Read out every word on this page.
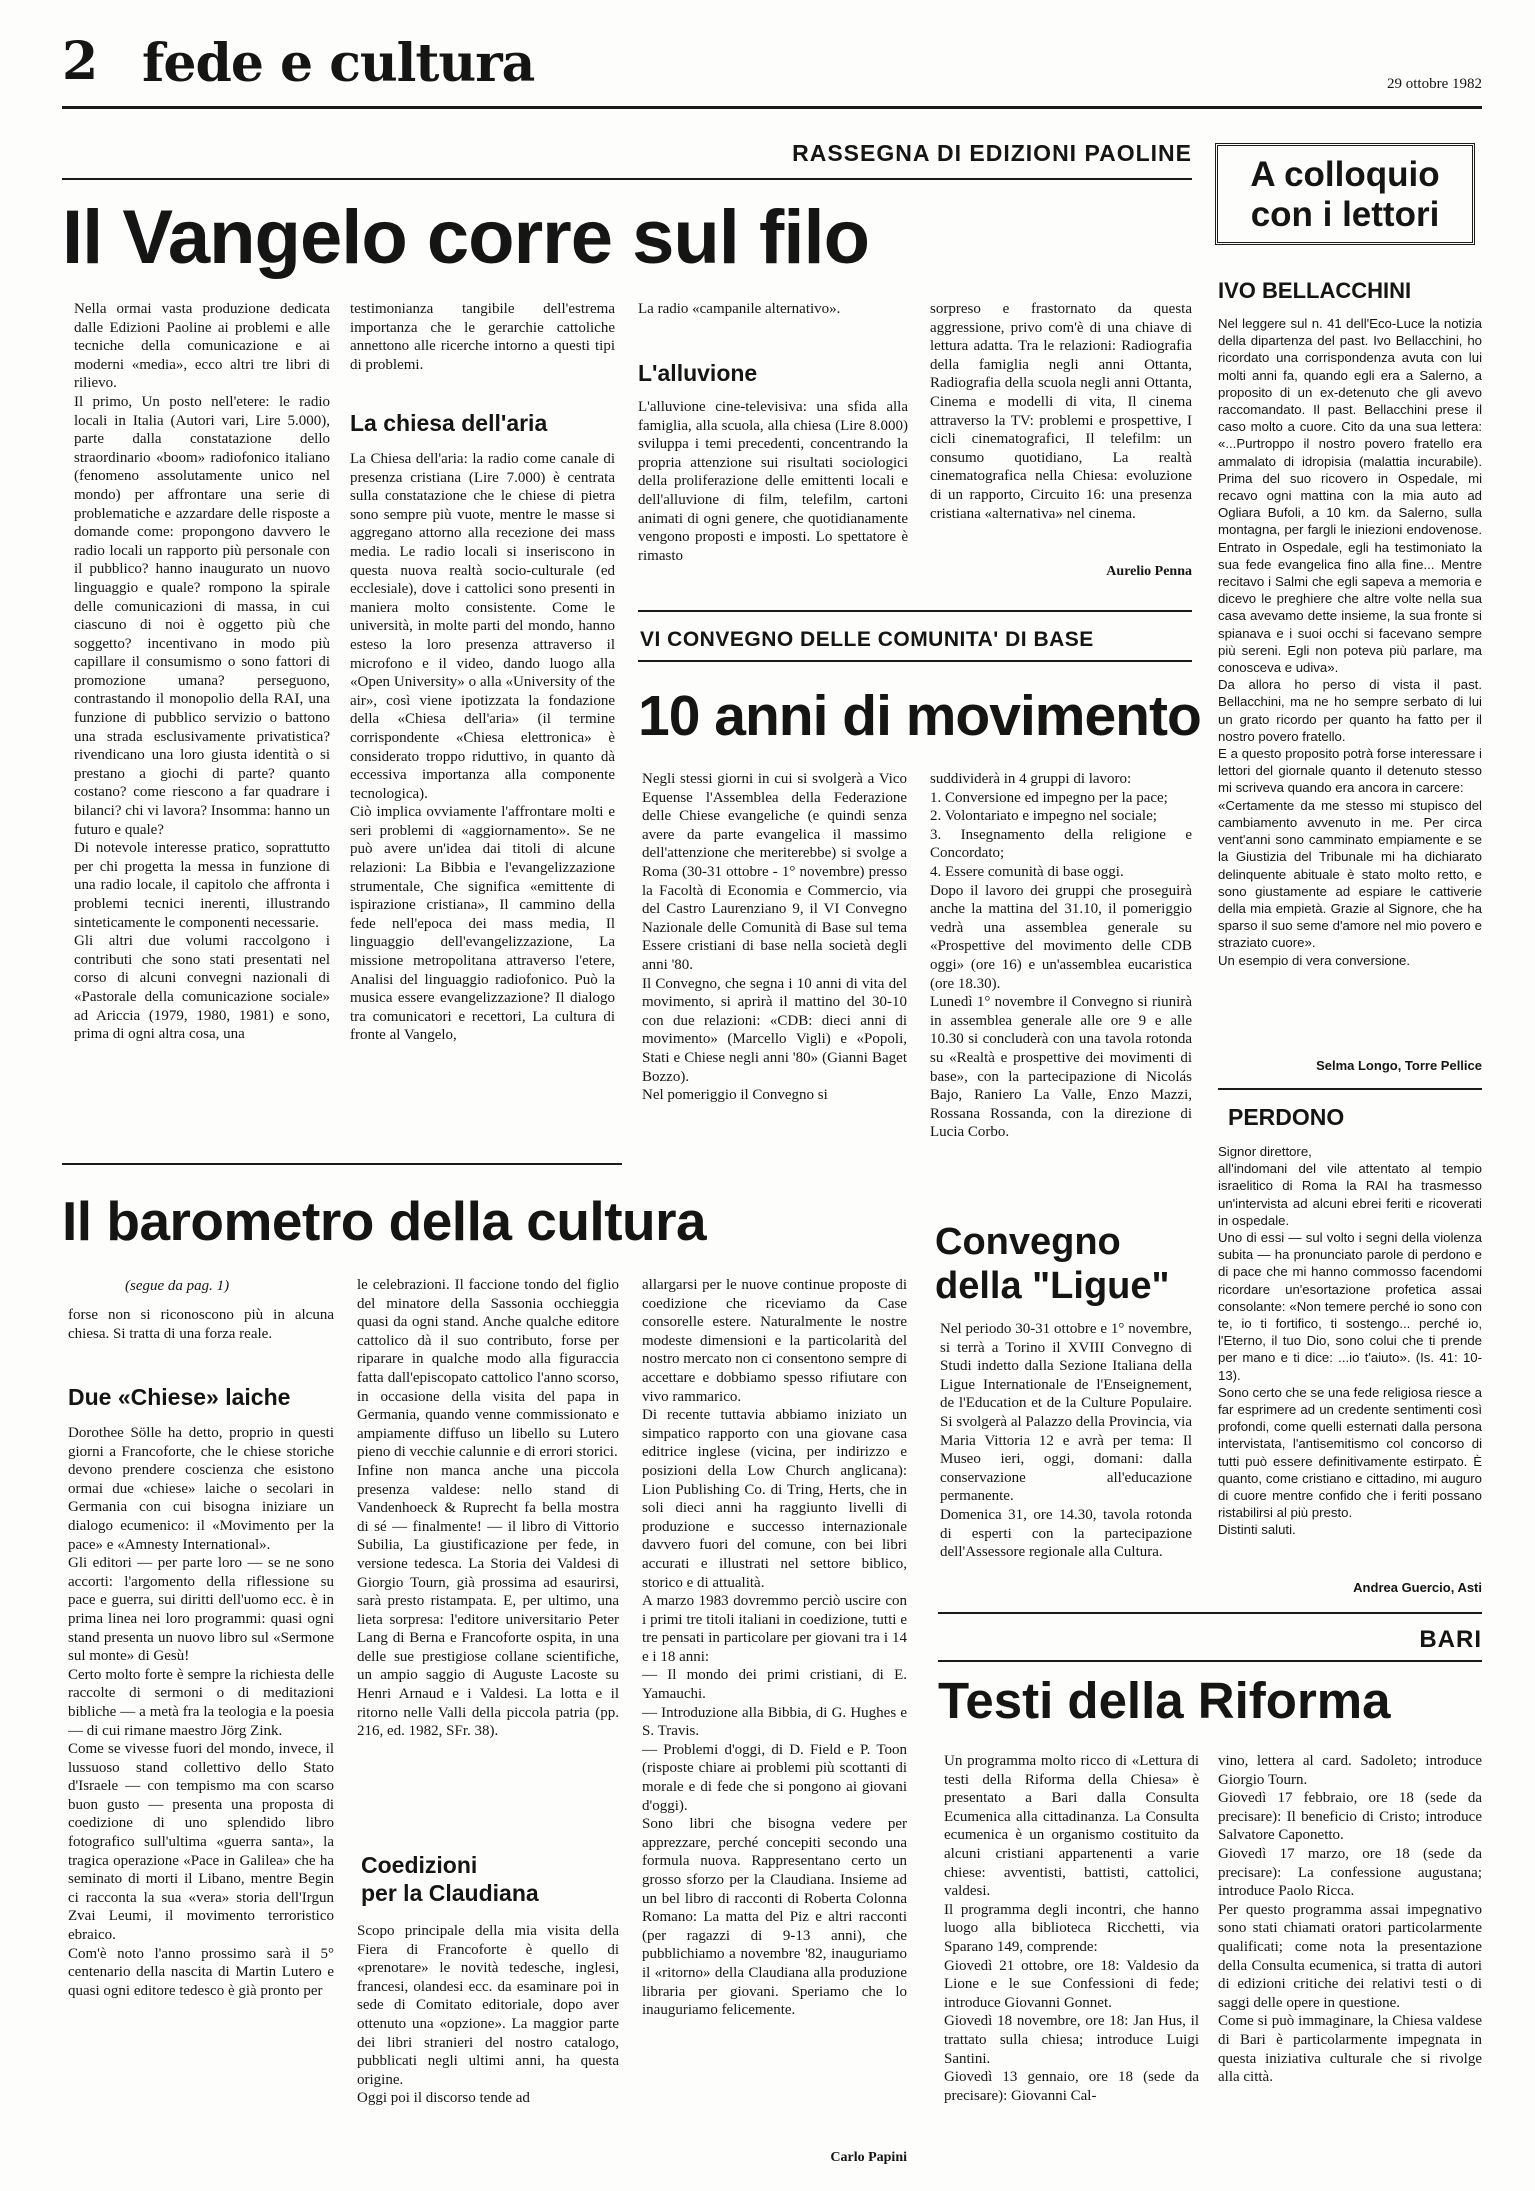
2 fede e cultura	29 ottobre 1982
RASSEGNA DI EDIZIONI PAOLINE
Il Vangelo corre sul filo

Nella ormai vasta produzione dedicata dalle Edizioni Paoline ai problemi e alle tecniche della comunicazione e ai moderni «media», ecco altri tre libri di rilievo.
Il primo, Un posto nell'etere: le radio locali in Italia (Autori vari, Lire 5.000), parte dalla constatazione dello straordinario «boom» radiofonico italiano (fenomeno assolutamente unico nel mondo) per affrontare una serie di problematiche e azzardare delle risposte a domande come: propongono davvero le radio locali un rapporto più personale con il pubblico? hanno inaugurato un nuovo linguaggio e quale? rompono la spirale delle comunicazioni di massa, in cui ciascuno di noi è oggetto più che soggetto? incentivano in modo più capillare il consumismo o sono fattori di promozione umana? perseguono, contrastando il monopolio della RAI, una funzione di pubblico servizio o battono una strada esclusivamente privatistica? rivendicano una loro giusta identità o si prestano a giochi di parte? quanto costano? come riescono a far quadrare i bilanci? chi vi lavora? Insomma: hanno un futuro e quale?
Di notevole interesse pratico, soprattutto per chi progetta la messa in funzione di una radio locale, il capitolo che affronta i problemi tecnici inerenti, illustrando sinteticamente le componenti necessarie.
Gli altri due volumi raccolgono i contributi che sono stati presentati nel corso di alcuni convegni nazionali di «Pastorale della comunicazione sociale» ad Ariccia (1979, 1980, 1981) e sono, prima di ogni altra cosa, una

testimonianza tangibile dell'estrema importanza che le gerarchie cattoliche annettono alle ricerche intorno a questi tipi di problemi.

La chiesa dell'aria

La Chiesa dell'aria: la radio come canale di presenza cristiana (Lire 7.000) è centrata sulla constatazione che le chiese di pietra sono sempre più vuote, mentre le masse si aggregano attorno alla recezione dei mass media. Le radio locali si inseriscono in questa nuova realtà socio-culturale (ed ecclesiale), dove i cattolici sono presenti in maniera molto consistente. Come le università, in molte parti del mondo, hanno esteso la loro presenza attraverso il microfono e il video, dando luogo alla «Open University» o alla «University of the air», così viene ipotizzata la fondazione della «Chiesa dell'aria» (il termine corrispondente «Chiesa elettronica» è considerato troppo riduttivo, in quanto dà eccessiva importanza alla componente tecnologica).
Ciò implica ovviamente l'affrontare molti e seri problemi di «aggiornamento». Se ne può avere un'idea dai titoli di alcune relazioni: La Bibbia e l'evangelizzazione strumentale, Che significa «emittente di ispirazione cristiana», Il cammino della fede nell'epoca dei mass media, Il linguaggio dell'evangelizzazione, La missione metropolitana attraverso l'etere, Analisi del linguaggio radiofonico. Può la musica essere evangelizzazione? Il dialogo tra comunicatori e recettori, La cultura di fronte al Vangelo,

La radio «campanile alternativo».

L'alluvione

L'alluvione cine-televisiva: una sfida alla famiglia, alla scuola, alla chiesa (Lire 8.000) sviluppa i temi precedenti, concentrando la propria attenzione sui risultati sociologici della proliferazione delle emittenti locali e dell'alluvione di film, telefilm, cartoni animati di ogni genere, che quotidianamente vengono proposti e imposti. Lo spettatore è rimasto

sorpreso e frastornato da questa aggressione, privo com'è di una chiave di lettura adatta. Tra le relazioni: Radiografia della famiglia negli anni Ottanta, Radiografia della scuola negli anni Ottanta, Cinema e modelli di vita, Il cinema attraverso la TV: problemi e prospettive, I cicli cinematografici, Il telefilm: un consumo quotidiano, La realtà cinematografica nella Chiesa: evoluzione di un rapporto, Circuito 16: una presenza cristiana «alternativa» nel cinema.

Aurelio Penna
VI CONVEGNO DELLE COMUNITA' DI BASE
10 anni di movimento

Negli stessi giorni in cui si svolgerà a Vico Equense l'Assemblea della Federazione delle Chiese evangeliche (e quindi senza avere da parte evangelica il massimo dell'attenzione che meriterebbe) si svolge a Roma (30-31 ottobre - 1° novembre) presso la Facoltà di Economia e Commercio, via del Castro Laurenziano 9, il VI Convegno Nazionale delle Comunità di Base sul tema Essere cristiani di base nella società degli anni '80.
Il Convegno, che segna i 10 anni di vita del movimento, si aprirà il mattino del 30-10 con due relazioni: «CDB: dieci anni di movimento» (Marcello Vigli) e «Popoli, Stati e Chiese negli anni '80» (Gianni Baget Bozzo).
Nel pomeriggio il Convegno si

suddividerà in 4 gruppi di lavoro:
1. Conversione ed impegno per la pace;
2. Volontariato e impegno nel sociale;
3. Insegnamento della religione e Concordato;
4. Essere comunità di base oggi.
Dopo il lavoro dei gruppi che proseguirà anche la mattina del 31.10, il pomeriggio vedrà una assemblea generale su «Prospettive del movimento delle CDB oggi» (ore 16) e un'assemblea eucaristica (ore 18.30).
Lunedì 1° novembre il Convegno si riunirà in assemblea generale alle ore 9 e alle 10.30 si concluderà con una tavola rotonda su «Realtà e prospettive dei movimenti di base», con la partecipazione di Nicolás Bajo, Raniero La Valle, Enzo Mazzi, Rossana Rossanda, con la direzione di Lucia Corbo.

Convegno
della "Ligue"

Nel periodo 30-31 ottobre e 1° novembre, si terrà a Torino il XVIII Convegno di Studi indetto dalla Sezione Italiana della Ligue Internationale de l'Enseignement, de l'Education et de la Culture Populaire. Si svolgerà al Palazzo della Provincia, via Maria Vittoria 12 e avrà per tema: Il Museo ieri, oggi, domani: dalla conservazione all'educazione permanente.
Domenica 31, ore 14.30, tavola rotonda di esperti con la partecipazione dell'Assessore regionale alla Cultura.

A colloquio
con i lettori
IVO BELLACCHINI

Nel leggere sul n. 41 dell'Eco-Luce la notizia della dipartenza del past. Ivo Bellacchini, ho ricordato una corrispondenza avuta con lui molti anni fa, quando egli era a Salerno, a proposito di un ex-detenuto che gli avevo raccomandato. Il past. Bellacchini prese il caso molto a cuore. Cito da una sua lettera: «...Purtroppo il nostro povero fratello era ammalato di idropisia (malattia incurabile). Prima del suo ricovero in Ospedale, mi recavo ogni mattina con la mia auto ad Ogliara Bufoli, a 10 km. da Salerno, sulla montagna, per fargli le iniezioni endovenose. Entrato in Ospedale, egli ha testimoniato la sua fede evangelica fino alla fine... Mentre recitavo i Salmi che egli sapeva a memoria e dicevo le preghiere che altre volte nella sua casa avevamo dette insieme, la sua fronte si spianava e i suoi occhi si facevano sempre più sereni. Egli non poteva più parlare, ma conosceva e udiva».
Da allora ho perso di vista il past. Bellacchini, ma ne ho sempre serbato di lui un grato ricordo per quanto ha fatto per il nostro povero fratello.
E a questo proposito potrà forse interessare i lettori del giornale quanto il detenuto stesso mi scriveva quando era ancora in carcere:
«Certamente da me stesso mi stupisco del cambiamento avvenuto in me. Per circa vent'anni sono camminato empiamente e se la Giustizia del Tribunale mi ha dichiarato delinquente abituale è stato molto retto, e sono giustamente ad espiare le cattiverie della mia empietà. Grazie al Signore, che ha sparso il suo seme d'amore nel mio povero e straziato cuore».
Un esempio di vera conversione.

Selma Longo, Torre Pellice
PERDONO

Signor direttore,
all'indomani del vile attentato al tempio israelitico di Roma la RAI ha trasmesso un'intervista ad alcuni ebrei feriti e ricoverati in ospedale.
Uno di essi — sul volto i segni della violenza subita — ha pronunciato parole di perdono e di pace che mi hanno commosso facendomi ricordare un'esortazione profetica assai consolante: «Non temere perché io sono con te, io ti fortifico, ti sostengo... perché io, l'Eterno, il tuo Dio, sono colui che ti prende per mano e ti dice: ...io t'aiuto». (Is. 41: 10-13).
Sono certo che se una fede religiosa riesce a far esprimere ad un credente sentimenti così profondi, come quelli esternati dalla persona intervistata, l'antisemitismo col concorso di tutti può essere definitivamente estirpato. È quanto, come cristiano e cittadino, mi auguro di cuore mentre confido che i feriti possano ristabilirsi al più presto.
Distinti saluti.

Andrea Guercio, Asti
Il barometro della cultura
(segue da pag. 1)

forse non si riconoscono più in alcuna chiesa. Si tratta di una forza reale.

Due «Chiese» laiche

Dorothee Sölle ha detto, proprio in questi giorni a Francoforte, che le chiese storiche devono prendere coscienza che esistono ormai due «chiese» laiche o secolari in Germania con cui bisogna iniziare un dialogo ecumenico: il «Movimento per la pace» e «Amnesty International».
Gli editori — per parte loro — se ne sono accorti: l'argomento della riflessione su pace e guerra, sui diritti dell'uomo ecc. è in prima linea nei loro programmi: quasi ogni stand presenta un nuovo libro sul «Sermone sul monte» di Gesù!
Certo molto forte è sempre la richiesta delle raccolte di sermoni o di meditazioni bibliche — a metà fra la teologia e la poesia — di cui rimane maestro Jörg Zink.
Come se vivesse fuori del mondo, invece, il lussuoso stand collettivo dello Stato d'Israele — con tempismo ma con scarso buon gusto — presenta una proposta di coedizione di uno splendido libro fotografico sull'ultima «guerra santa», la tragica operazione «Pace in Galilea» che ha seminato di morti il Libano, mentre Begin ci racconta la sua «vera» storia dell'Irgun Zvai Leumi, il movimento terroristico ebraico.
Com'è noto l'anno prossimo sarà il 5° centenario della nascita di Martin Lutero e quasi ogni editore tedesco è già pronto per

le celebrazioni. Il faccione tondo del figlio del minatore della Sassonia occhieggia quasi da ogni stand. Anche qualche editore cattolico dà il suo contributo, forse per riparare in qualche modo alla figuraccia fatta dall'episcopato cattolico l'anno scorso, in occasione della visita del papa in Germania, quando venne commissionato e ampiamente diffuso un libello su Lutero pieno di vecchie calunnie e di errori storici.
Infine non manca anche una piccola presenza valdese: nello stand di Vandenhoeck & Ruprecht fa bella mostra di sé — finalmente! — il libro di Vittorio Subilia, La giustificazione per fede, in versione tedesca. La Storia dei Valdesi di Giorgio Tourn, già prossima ad esaurirsi, sarà presto ristampata. E, per ultimo, una lieta sorpresa: l'editore universitario Peter Lang di Berna e Francoforte ospita, in una delle sue prestigiose collane scientifiche, un ampio saggio di Auguste Lacoste su Henri Arnaud e i Valdesi. La lotta e il ritorno nelle Valli della piccola patria (pp. 216, ed. 1982, SFr. 38).

Coedizioni
per la Claudiana

Scopo principale della mia visita della Fiera di Francoforte è quello di «prenotare» le novità tedesche, inglesi, francesi, olandesi ecc. da esaminare poi in sede di Comitato editoriale, dopo aver ottenuto una «opzione». La maggior parte dei libri stranieri del nostro catalogo, pubblicati negli ultimi anni, ha questa origine.
Oggi poi il discorso tende ad

allargarsi per le nuove continue proposte di coedizione che riceviamo da Case consorelle estere. Naturalmente le nostre modeste dimensioni e la particolarità del nostro mercato non ci consentono sempre di accettare e dobbiamo spesso rifiutare con vivo rammarico.
Di recente tuttavia abbiamo iniziato un simpatico rapporto con una giovane casa editrice inglese (vicina, per indirizzo e posizioni della Low Church anglicana): Lion Publishing Co. di Tring, Herts, che in soli dieci anni ha raggiunto livelli di produzione e successo internazionale davvero fuori del comune, con bei libri accurati e illustrati nel settore biblico, storico e di attualità.
A marzo 1983 dovremmo perciò uscire con i primi tre titoli italiani in coedizione, tutti e tre pensati in particolare per giovani tra i 14 e i 18 anni:
— Il mondo dei primi cristiani, di E. Yamauchi.
— Introduzione alla Bibbia, di G. Hughes e S. Travis.
— Problemi d'oggi, di D. Field e P. Toon (risposte chiare ai problemi più scottanti di morale e di fede che si pongono ai giovani d'oggi).
Sono libri che bisogna vedere per apprezzare, perché concepiti secondo una formula nuova. Rappresentano certo un grosso sforzo per la Claudiana. Insieme ad un bel libro di racconti di Roberta Colonna Romano: La matta del Piz e altri racconti (per ragazzi di 9-13 anni), che pubblichiamo a novembre '82, inauguriamo il «ritorno» della Claudiana alla produzione libraria per giovani. Speriamo che lo inauguriamo felicemente.

Carlo Papini
BARI
Testi della Riforma

Un programma molto ricco di «Lettura di testi della Riforma della Chiesa» è presentato a Bari dalla Consulta Ecumenica alla cittadinanza. La Consulta ecumenica è un organismo costituito da alcuni cristiani appartenenti a varie chiese: avventisti, battisti, cattolici, valdesi.
Il programma degli incontri, che hanno luogo alla biblioteca Ricchetti, via Sparano 149, comprende:
Giovedì 21 ottobre, ore 18: Valdesio da Lione e le sue Confessioni di fede; introduce Giovanni Gonnet.
Giovedì 18 novembre, ore 18: Jan Hus, il trattato sulla chiesa; introduce Luigi Santini.
Giovedì 13 gennaio, ore 18 (sede da precisare): Giovanni Cal-

vino, lettera al card. Sadoleto; introduce Giorgio Tourn.
Giovedì 17 febbraio, ore 18 (sede da precisare): Il beneficio di Cristo; introduce Salvatore Caponetto.
Giovedì 17 marzo, ore 18 (sede da precisare): La confessione augustana; introduce Paolo Ricca.
Per questo programma assai impegnativo sono stati chiamati oratori particolarmente qualificati; come nota la presentazione della Consulta ecumenica, si tratta di autori di edizioni critiche dei relativi testi o di saggi delle opere in questione.
Come si può immaginare, la Chiesa valdese di Bari è particolarmente impegnata in questa iniziativa culturale che si rivolge alla città.
